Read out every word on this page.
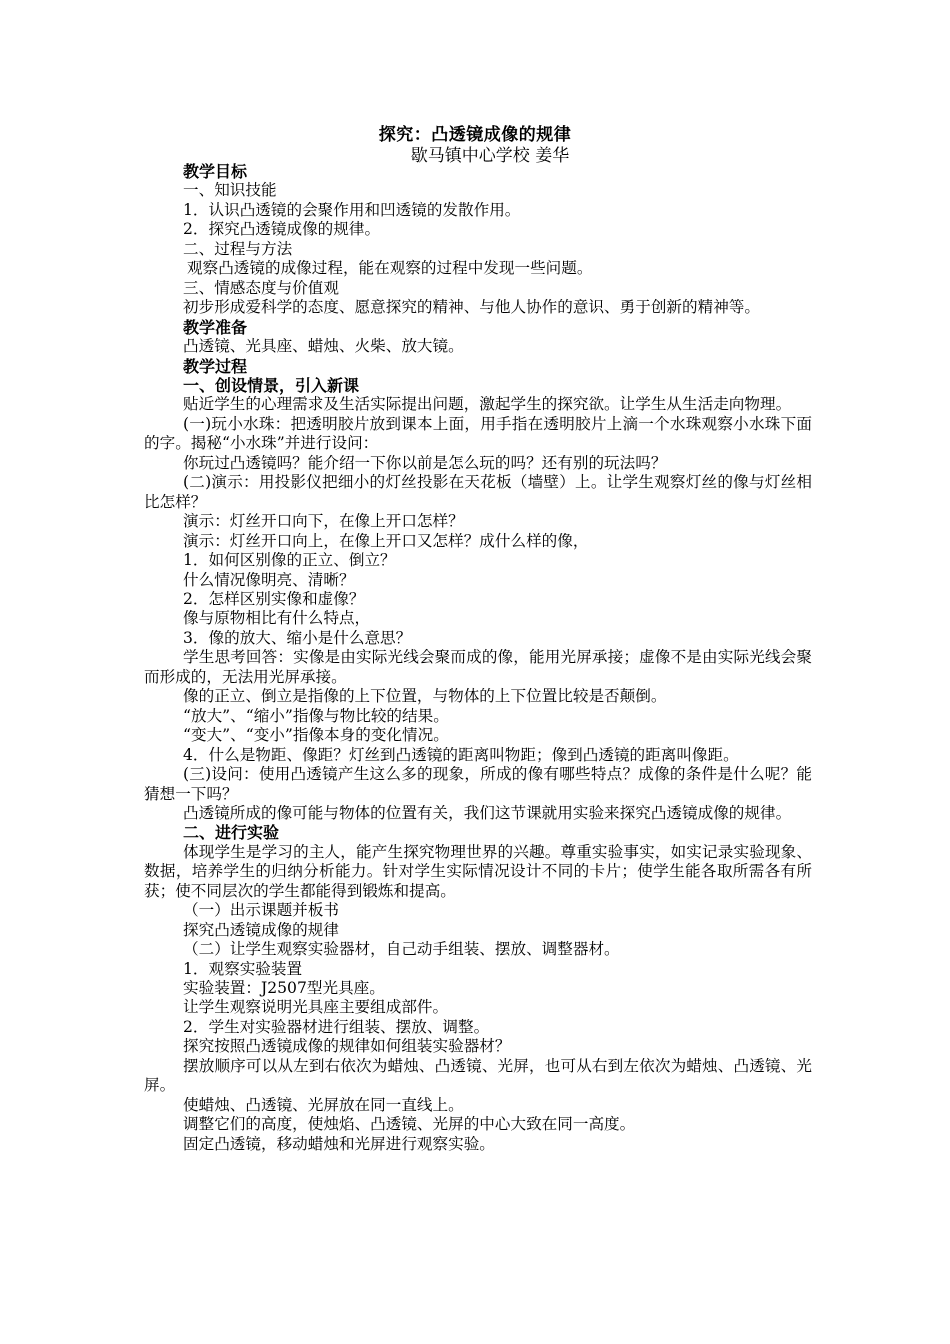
探究：凸透镜成像的规律
歇马镇中心学校 姜华

教学目标

一、知识技能

1．认识凸透镜的会聚作用和凹透镜的发散作用。

2．探究凸透镜成像的规律。

二、过程与方法

观察凸透镜的成像过程，能在观察的过程中发现一些问题。

三、情感态度与价值观

初步形成爱科学的态度、愿意探究的精神、与他人协作的意识、勇于创新的精神等。

教学准备

凸透镜、光具座、蜡烛、火柴、放大镜。

教学过程

一、创设情景，引入新课

贴近学生的心理需求及生活实际提出问题，激起学生的探究欲。让学生从生活走向物理。

(一)玩小水珠：把透明胶片放到课本上面，用手指在透明胶片上滴一个水珠观察小水珠下面的字。揭秘“小水珠”并进行设问：

你玩过凸透镜吗？能介绍一下你以前是怎么玩的吗？还有别的玩法吗？

(二)演示：用投影仪把细小的灯丝投影在天花板（墙壁）上。让学生观察灯丝的像与灯丝相比怎样？

演示：灯丝开口向下，在像上开口怎样？

演示：灯丝开口向上，在像上开口又怎样？成什么样的像，

1．如何区别像的正立、倒立？

什么情况像明亮、清晰？

2．怎样区别实像和虚像？

像与原物相比有什么特点，

3．像的放大、缩小是什么意思？

学生思考回答：实像是由实际光线会聚而成的像，能用光屏承接；虚像不是由实际光线会聚而形成的，无法用光屏承接。

像的正立、倒立是指像的上下位置，与物体的上下位置比较是否颠倒。

“放大”、“缩小”指像与物比较的结果。

“变大”、“变小”指像本身的变化情况。

4．什么是物距、像距？灯丝到凸透镜的距离叫物距；像到凸透镜的距离叫像距。

(三)设问：使用凸透镜产生这么多的现象，所成的像有哪些特点？成像的条件是什么呢？能猜想一下吗？

凸透镜所成的像可能与物体的位置有关，我们这节课就用实验来探究凸透镜成像的规律。

二、进行实验

体现学生是学习的主人，能产生探究物理世界的兴趣。尊重实验事实，如实记录实验现象、数据，培养学生的归纳分析能力。针对学生实际情况设计不同的卡片；使学生能各取所需各有所获；使不同层次的学生都能得到锻炼和提高。

（一）出示课题并板书

探究凸透镜成像的规律

（二）让学生观察实验器材，自己动手组装、摆放、调整器材。

1．观察实验装置

实验装置：J2507型光具座。

让学生观察说明光具座主要组成部件。

2．学生对实验器材进行组装、摆放、调整。

探究按照凸透镜成像的规律如何组装实验器材？

摆放顺序可以从左到右依次为蜡烛、凸透镜、光屏，也可从右到左依次为蜡烛、凸透镜、光屏。

使蜡烛、凸透镜、光屏放在同一直线上。

调整它们的高度，使烛焰、凸透镜、光屏的中心大致在同一高度。

固定凸透镜，移动蜡烛和光屏进行观察实验。
